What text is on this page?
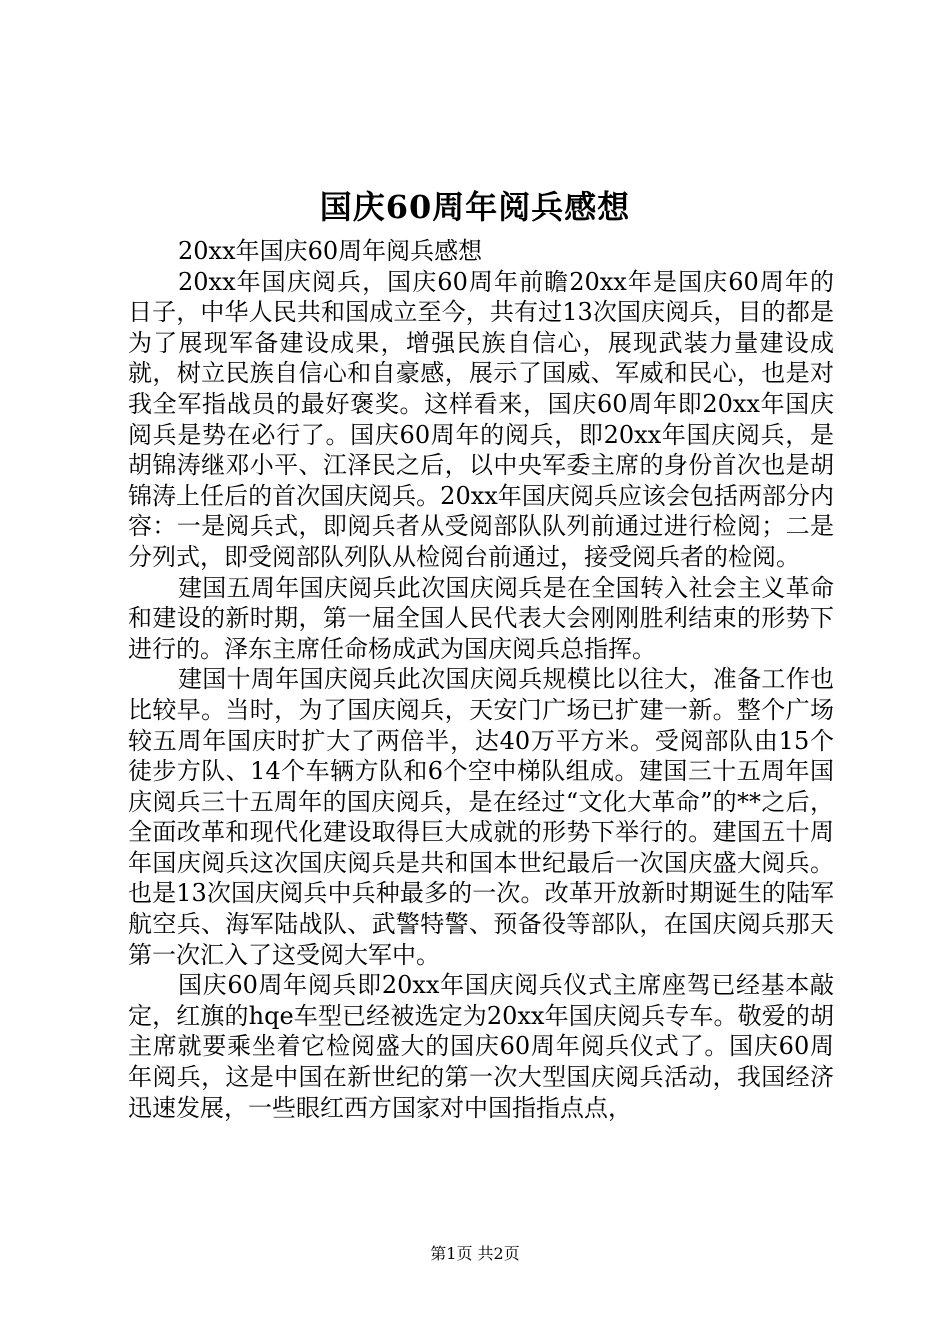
国庆60周年阅兵感想

20xx年国庆60周年阅兵感想

20xx年国庆阅兵，国庆60周年前瞻20xx年是国庆60周年的日子，中华人民共和国成立至今，共有过13次国庆阅兵，目的都是为了展现军备建设成果，增强民族自信心，展现武装力量建设成就，树立民族自信心和自豪感，展示了国威、军威和民心，也是对我全军指战员的最好褒奖。这样看来，国庆60周年即20xx年国庆阅兵是势在必行了。国庆60周年的阅兵，即20xx年国庆阅兵，是胡锦涛继邓小平、江泽民之后，以中央军委主席的身份首次也是胡锦涛上任后的首次国庆阅兵。20xx年国庆阅兵应该会包括两部分内容：一是阅兵式，即阅兵者从受阅部队队列前通过进行检阅；二是分列式，即受阅部队列队从检阅台前通过，接受阅兵者的检阅。

建国五周年国庆阅兵此次国庆阅兵是在全国转入社会主义革命和建设的新时期，第一届全国人民代表大会刚刚胜利结束的形势下进行的。泽东主席任命杨成武为国庆阅兵总指挥。

建国十周年国庆阅兵此次国庆阅兵规模比以往大，准备工作也比较早。当时，为了国庆阅兵，天安门广场已扩建一新。整个广场较五周年国庆时扩大了两倍半，达40万平方米。受阅部队由15个徒步方队、14个车辆方队和6个空中梯队组成。建国三十五周年国庆阅兵三十五周年的国庆阅兵，是在经过“文化大革命”的**之后，全面改革和现代化建设取得巨大成就的形势下举行的。建国五十周年国庆阅兵这次国庆阅兵是共和国本世纪最后一次国庆盛大阅兵。也是13次国庆阅兵中兵种最多的一次。改革开放新时期诞生的陆军航空兵、海军陆战队、武警特警、预备役等部队，在国庆阅兵那天第一次汇入了这受阅大军中。

国庆60周年阅兵即20xx年国庆阅兵仪式主席座驾已经基本敲定，红旗的hqe车型已经被选定为20xx年国庆阅兵专车。敬爱的胡主席就要乘坐着它检阅盛大的国庆60周年阅兵仪式了。国庆60周年阅兵，这是中国在新世纪的第一次大型国庆阅兵活动，我国经济迅速发展，一些眼红西方国家对中国指指点点，

第1页 共2页
